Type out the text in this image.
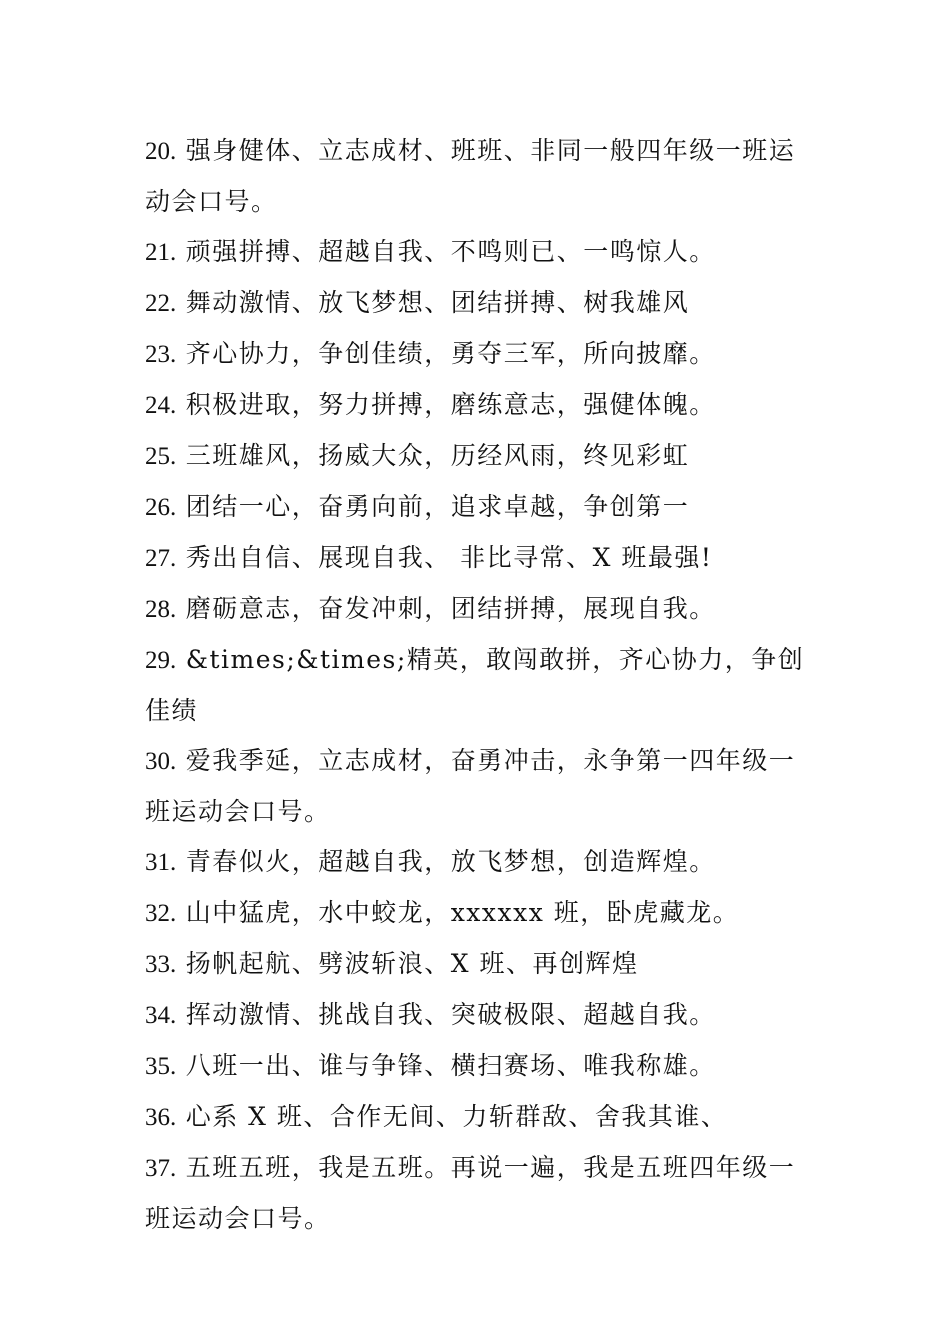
20. 强身健体、立志成材、班班、非同一般四年级一班运动会口号。

21. 顽强拼搏、超越自我、不鸣则已、一鸣惊人。

22. 舞动激情、放飞梦想、团结拼搏、树我雄风

23. 齐心协力，争创佳绩，勇夺三军，所向披靡。

24. 积极进取，努力拼搏，磨练意志，强健体魄。

25. 三班雄风，扬威大众，历经风雨，终见彩虹

26. 团结一心，奋勇向前，追求卓越，争创第一

27. 秀出自信、展现自我、 非比寻常、X 班最强!

28. 磨砺意志，奋发冲刺，团结拼搏，展现自我。

29. &times;&times;精英，敢闯敢拼，齐心协力，争创佳绩

30. 爱我季延，立志成材，奋勇冲击，永争第一四年级一班运动会口号。

31. 青春似火，超越自我，放飞梦想，创造辉煌。

32. 山中猛虎，水中蛟龙，xxxxxx 班，卧虎藏龙。

33. 扬帆起航、劈波斩浪、X 班、再创辉煌

34. 挥动激情、挑战自我、突破极限、超越自我。

35. 八班一出、谁与争锋、横扫赛场、唯我称雄。

36. 心系 X 班、合作无间、力斩群敌、舍我其谁、

37. 五班五班，我是五班。再说一遍，我是五班四年级一班运动会口号。
